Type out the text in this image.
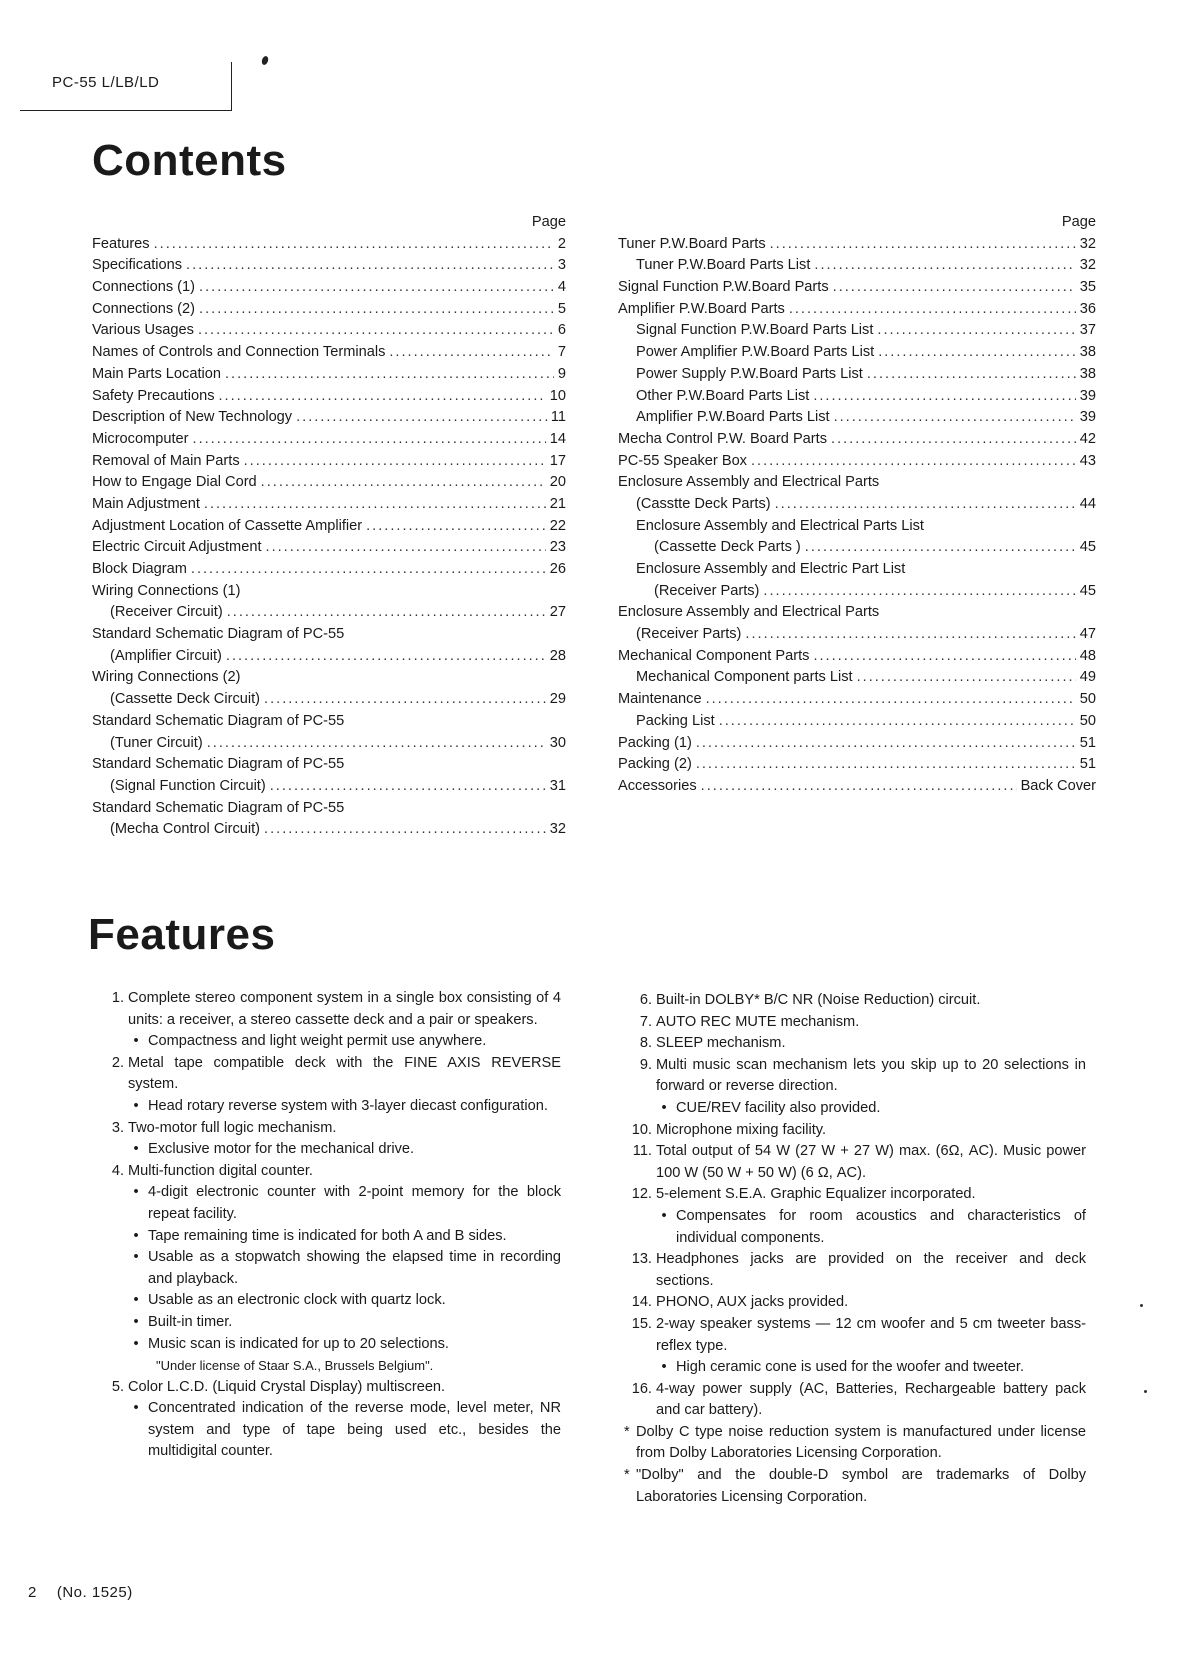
PC-55 L/LB/LD
Contents
Page
Features .....	2
Specifications .....	3
Connections (1) .....	4
Connections (2) .....	5
Various Usages .....	6
Names of Controls and Connection Terminals .....	7
Main Parts Location .....	9
Safety Precautions .....	10
Description of New Technology .....	11
Microcomputer .....	14
Removal of Main Parts .....	17
How to Engage Dial Cord .....	20
Main Adjustment .....	21
Adjustment Location of Cassette Amplifier .....	22
Electric Circuit Adjustment .....	23
Block Diagram .....	26
Wiring Connections (1)
(Receiver Circuit) .....	27
Standard Schematic Diagram of PC-55
(Amplifier Circuit) .....	28
Wiring Connections (2)
(Cassette Deck Circuit) .....	29
Standard Schematic Diagram of PC-55
(Tuner Circuit) .....	30
Standard Schematic Diagram of PC-55
(Signal Function Circuit) .....	31
Standard Schematic Diagram of PC-55
(Mecha Control Circuit) .....	32
Page
Tuner P.W.Board Parts .....	32
Tuner P.W.Board Parts List .....	32
Signal Function P.W.Board Parts .....	35
Amplifier P.W.Board Parts .....	36
Signal Function P.W.Board Parts List .....	37
Power Amplifier P.W.Board Parts List .....	38
Power Supply P.W.Board Parts List .....	38
Other P.W.Board Parts List .....	39
Amplifier P.W.Board Parts List .....	39
Mecha Control P.W. Board Parts .....	42
PC-55 Speaker Box .....	43
Enclosure Assembly and Electrical Parts
(Casstte Deck Parts) .....	44
Enclosure Assembly and Electrical Parts List
(Cassette Deck Parts ) .....	45
Enclosure Assembly and Electric Part List
(Receiver Parts) .....	45
Enclosure Assembly and Electrical Parts
(Receiver Parts) .....	47
Mechanical Component Parts .....	48
Mechanical Component parts List .....	49
Maintenance .....	50
Packing List .....	50
Packing (1) .....	51
Packing (2) .....	51
Accessories .....	Back Cover
Features
1. Complete stereo component system in a single box consisting of 4 units: a receiver, a stereo cassette deck and a pair or speakers.
• Compactness and light weight permit use anywhere.
2. Metal tape compatible deck with the FINE AXIS REVERSE system.
• Head rotary reverse system with 3-layer diecast configuration.
3. Two-motor full logic mechanism.
• Exclusive motor for the mechanical drive.
4. Multi-function digital counter.
• 4-digit electronic counter with 2-point memory for the block repeat facility.
• Tape remaining time is indicated for both A and B sides.
• Usable as a stopwatch showing the elapsed time in recording and playback.
• Usable as an electronic clock with quartz lock.
• Built-in timer.
• Music scan is indicated for up to 20 selections.
"Under license of Staar S.A., Brussels Belgium".
5. Color L.C.D. (Liquid Crystal Display) multiscreen.
• Concentrated indication of the reverse mode, level meter, NR system and type of tape being used etc., besides the multidigital counter.
6. Built-in DOLBY* B/C NR (Noise Reduction) circuit.
7. AUTO REC MUTE mechanism.
8. SLEEP mechanism.
9. Multi music scan mechanism lets you skip up to 20 selections in forward or reverse direction.
• CUE/REV facility also provided.
10. Microphone mixing facility.
11. Total output of 54 W (27 W + 27 W) max. (6Ω, AC). Music power 100 W (50 W + 50 W) (6 Ω, AC).
12. 5-element S.E.A. Graphic Equalizer incorporated.
• Compensates for room acoustics and characteristics of individual components.
13. Headphones jacks are provided on the receiver and deck sections.
14. PHONO, AUX jacks provided.
15. 2-way speaker systems — 12 cm woofer and 5 cm tweeter bass-reflex type.
• High ceramic cone is used for the woofer and tweeter.
16. 4-way power supply (AC, Batteries, Rechargeable battery pack and car battery).
* Dolby C type noise reduction system is manufactured under license from Dolby Laboratories Licensing Corporation.
* "Dolby" and the double-D symbol are trademarks of Dolby Laboratories Licensing Corporation.
2 (No. 1525)
